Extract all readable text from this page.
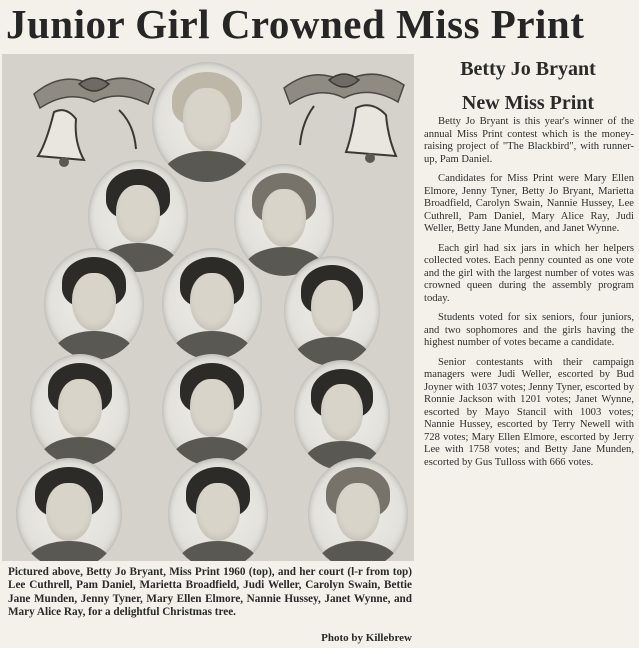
Junior Girl Crowned Miss Print
Pictured above, Betty Jo Bryant, Miss Print 1960 (top), and her court (l-r from top) Lee Cuthrell, Pam Daniel, Marietta Broadfield, Judi Weller, Carolyn Swain, Bettie Jane Munden, Jenny Tyner, Mary Ellen Elmore, Nannie Hussey, Janet Wynne, and Mary Alice Ray, for a delightful Christmas tree.
Photo by Killebrew
Betty Jo Bryant
New Miss Print

Betty Jo Bryant is this year's winner of the annual Miss Print contest which is the money-raising project of "The Blackbird", with runner-up, Pam Daniel.

Candidates for Miss Print were Mary Ellen Elmore, Jenny Tyner, Betty Jo Bryant, Marietta Broadfield, Carolyn Swain, Nannie Hussey, Lee Cuthrell, Pam Daniel, Mary Alice Ray, Judi Weller, Betty Jane Munden, and Janet Wynne.

Each girl had six jars in which her helpers collected votes. Each penny counted as one vote and the girl with the largest number of votes was crowned queen during the assembly program today.

Students voted for six seniors, four juniors, and two sophomores and the girls having the highest number of votes became a candidate.

Senior contestants with their campaign managers were Judi Weller, escorted by Bud Joyner with 1037 votes; Jenny Tyner, escorted by Ronnie Jackson with 1201 votes; Janet Wynne, escorted by Mayo Stancil with 1003 votes; Nannie Hussey, escorted by Terry Newell with 728 votes; Mary Ellen Elmore, escorted by Jerry Lee with 1758 votes; and Betty Jane Munden, escorted by Gus Tulloss with 666 votes.
